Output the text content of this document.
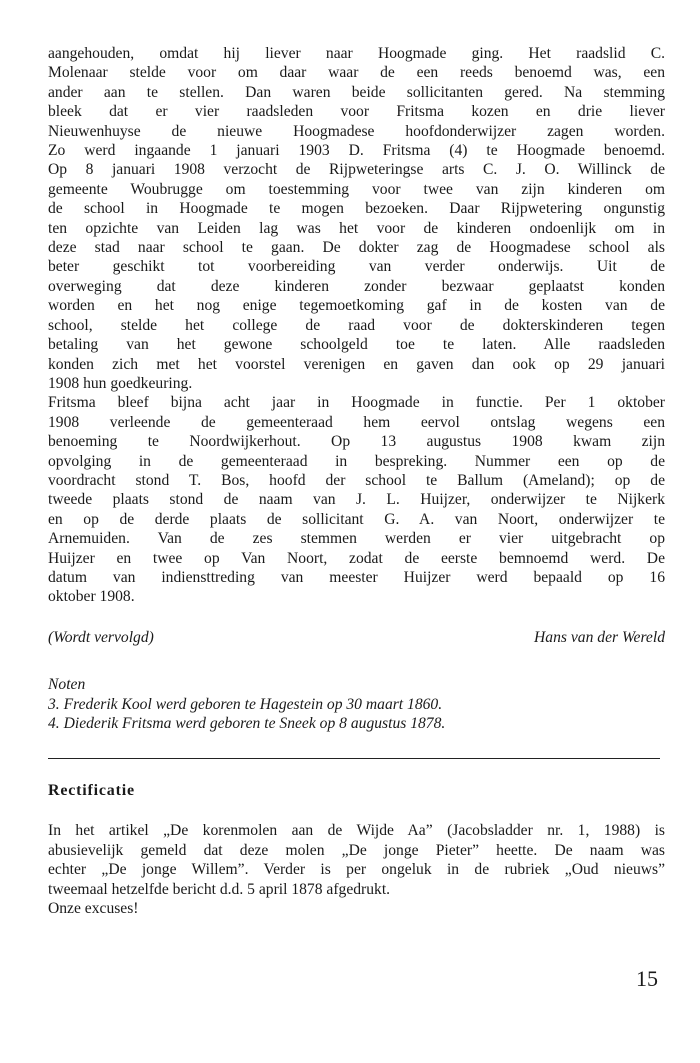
aangehouden, omdat hij liever naar Hoogmade ging. Het raadslid C.
Molenaar stelde voor om daar waar de een reeds benoemd was, een
ander aan te stellen. Dan waren beide sollicitanten gered. Na stemming
bleek dat er vier raadsleden voor Fritsma kozen en drie liever
Nieuwenhuyse de nieuwe Hoogmadese hoofdonderwijzer zagen worden.
Zo werd ingaande 1 januari 1903 D. Fritsma (4) te Hoogmade benoemd.
Op 8 januari 1908 verzocht de Rijpweteringse arts C. J. O. Willinck de
gemeente Woubrugge om toestemming voor twee van zijn kinderen om
de school in Hoogmade te mogen bezoeken. Daar Rijpwetering ongunstig
ten opzichte van Leiden lag was het voor de kinderen ondoenlijk om in
deze stad naar school te gaan. De dokter zag de Hoogmadese school als
beter geschikt tot voorbereiding van verder onderwijs. Uit de
overweging dat deze kinderen zonder bezwaar geplaatst konden
worden en het nog enige tegemoetkoming gaf in de kosten van de
school, stelde het college de raad voor de dokterskinderen tegen
betaling van het gewone schoolgeld toe te laten. Alle raadsleden
konden zich met het voorstel verenigen en gaven dan ook op 29 januari
1908 hun goedkeuring.
Fritsma bleef bijna acht jaar in Hoogmade in functie. Per 1 oktober
1908 verleende de gemeenteraad hem eervol ontslag wegens een
benoeming te Noordwijkerhout. Op 13 augustus 1908 kwam zijn
opvolging in de gemeenteraad in bespreking. Nummer een op de
voordracht stond T. Bos, hoofd der school te Ballum (Ameland); op de
tweede plaats stond de naam van J. L. Huijzer, onderwijzer te Nijkerk
en op de derde plaats de sollicitant G. A. van Noort, onderwijzer te
Arnemuiden. Van de zes stemmen werden er vier uitgebracht op
Huijzer en twee op Van Noort, zodat de eerste bemnoemd werd. De
datum van indiensttreding van meester Huijzer werd bepaald op 16
oktober 1908.
(Wordt vervolgd)	Hans van der Wereld
Noten
3. Frederik Kool werd geboren te Hagestein op 30 maart 1860.
4. Diederik Fritsma werd geboren te Sneek op 8 augustus 1878.
Rectificatie
In het artikel „De korenmolen aan de Wijde Aa” (Jacobsladder nr. 1, 1988) is
abusievelijk gemeld dat deze molen „De jonge Pieter” heette. De naam was
echter „De jonge Willem”. Verder is per ongeluk in de rubriek „Oud nieuws”
tweemaal hetzelfde bericht d.d. 5 april 1878 afgedrukt.
Onze excuses!
15
